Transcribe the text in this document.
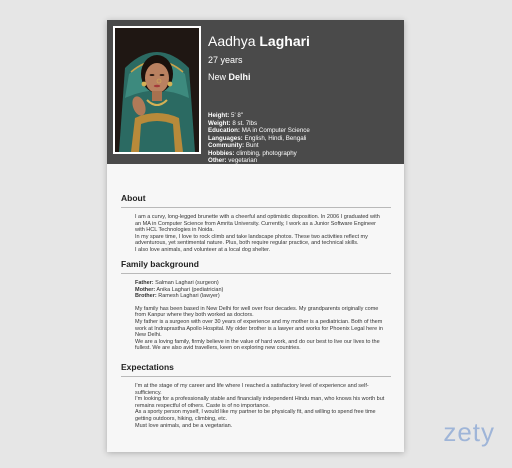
Aadhya Laghari
27 years
New Delhi
Height: 5' 8"
Weight: 8 st. 7lbs
Education: MA in Computer Science
Languages: English, Hindi, Bengali
Community: Bunt
Hobbies: climbing, photography
Other: vegetarian
About

I am a curvy, long-legged brunette with a cheerful and optimistic disposition. In 2006 I graduated with an MA in Computer Science from Amrita University. Currently, I work as a Junior Software Engineer with HCL Technologies in Noida.

In my spare time, I love to rock climb and take landscape photos. These two activities reflect my adventurous, yet sentimental nature. Plus, both require regular practice, and technical skills.

I also love animals, and volunteer at a local dog shelter.

Family background

Father: Salman Laghari (surgeon)

Mother: Anika Laghari (pediatrician)

Brother: Ramesh Laghari (lawyer)

My family has been based in New Delhi for well over four decades. My grandparents originally come from Kanpur where they both worked as doctors.

My father is a surgeon with over 30 years of experience and my mother is a pediatrician. Both of them work at Indraprastha Apollo Hospital. My older brother is a lawyer and works for Phoenix Legal here in New Delhi.

We are a loving family, firmly believe in the value of hard work, and do our best to live our lives to the fullest. We are also avid travellers, keen on exploring new countries.

Expectations

I'm at the stage of my career and life where I reached a satisfactory level of experience and self-sufficiency.

I'm looking for a professionally stable and financially independent Hindu man, who knows his worth but remains respectful of others. Caste is of no importance.

As a sporty person myself, I would like my partner to be physically fit, and willing to spend free time getting outdoors, hiking, climbing, etc.

Must love animals, and be a vegetarian.	zety
